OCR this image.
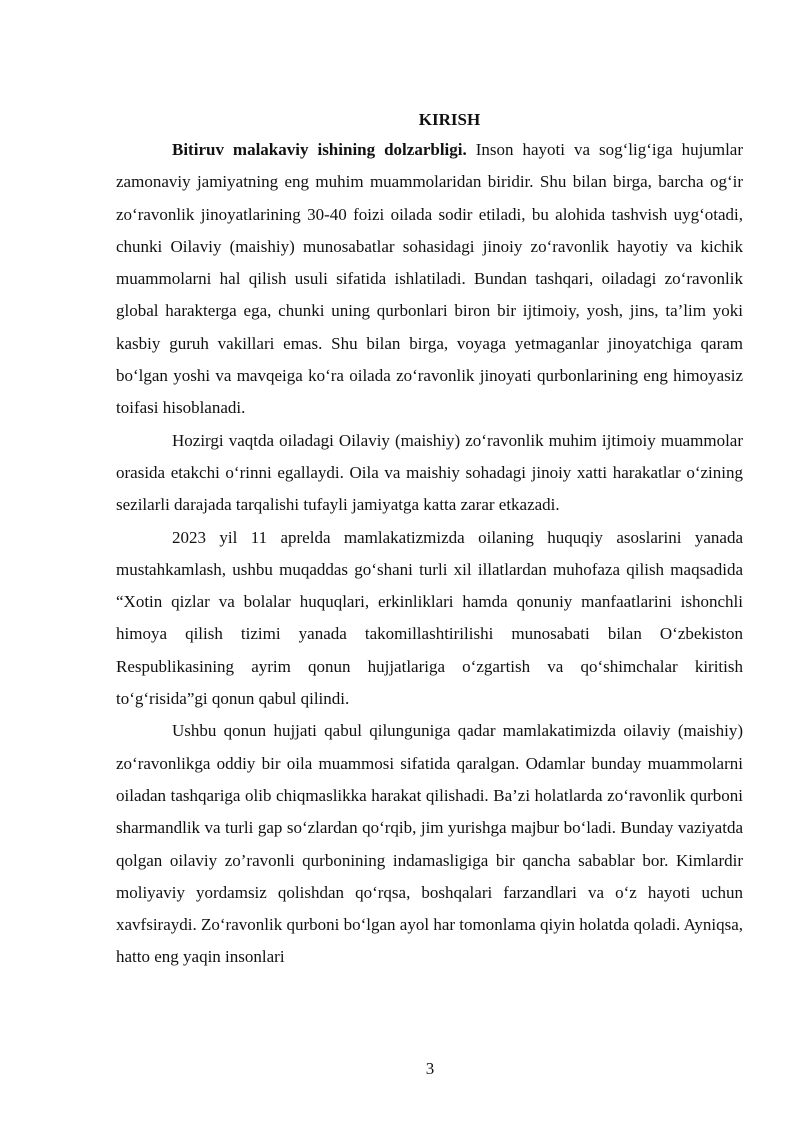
KIRISH

Bitiruv malakaviy ishining dolzarbligi. Inson hayoti va sog‘lig‘iga hujumlar zamonaviy jamiyatning eng muhim muammolaridan biridir. Shu bilan birga, barcha og‘ir zo‘ravonlik jinoyatlarining 30-40 foizi oilada sodir etiladi, bu alohida tashvish uyg‘otadi, chunki Oilaviy (maishiy) munosabatlar sohasidagi jinoiy zo‘ravonlik hayotiy va kichik muammolarni hal qilish usuli sifatida ishlatiladi. Bundan tashqari, oiladagi zo‘ravonlik global harakterga ega, chunki uning qurbonlari biron bir ijtimoiy, yosh, jins, ta’lim yoki kasbiy guruh vakillari emas. Shu bilan birga, voyaga yetmaganlar jinoyatchiga qaram bo‘lgan yoshi va mavqeiga ko‘ra oilada zo‘ravonlik jinoyati qurbonlarining eng himoyasiz toifasi hisoblanadi.

Hozirgi vaqtda oiladagi Oilaviy (maishiy) zo‘ravonlik muhim ijtimoiy muammolar orasida etakchi o‘rinni egallaydi. Oila va maishiy sohadagi jinoiy xatti harakatlar o‘zining sezilarli darajada tarqalishi tufayli jamiyatga katta zarar etkazadi.

2023 yil 11 aprelda mamlakatizmizda oilaning huquqiy asoslarini yanada mustahkamlash, ushbu muqaddas go‘shani turli xil illatlardan muhofaza qilish maqsadida “Xotin qizlar va bolalar huquqlari, erkinliklari hamda qonuniy manfaatlarini ishonchli himoya qilish tizimi yanada takomillashtirilishi munosabati bilan O‘zbekiston Respublikasining ayrim qonun hujjatlariga o‘zgartish va qo‘shimchalar kiritish to‘g‘risida”gi qonun qabul qilindi.

Ushbu qonun hujjati qabul qilunguniga qadar mamlakatimizda oilaviy (maishiy) zo‘ravonlikga oddiy bir oila muammosi sifatida qaralgan. Odamlar bunday muammolarni oiladan tashqariga olib chiqmaslikka harakat qilishadi. Ba’zi holatlarda zo‘ravonlik qurboni sharmandlik va turli gap so‘zlardan qo‘rqib, jim yurishga majbur bo‘ladi. Bunday vaziyatda qolgan oilaviy zo’ravonli qurbonining indamasligiga bir qancha sabablar bor. Kimlardir moliyaviy yordamsiz qolishdan qo‘rqsa, boshqalari farzandlari va o‘z hayoti uchun xavfsiraydi. Zo‘ravonlik qurboni bo‘lgan ayol har tomonlama qiyin holatda qoladi. Ayniqsa, hatto eng yaqin insonlari

3
